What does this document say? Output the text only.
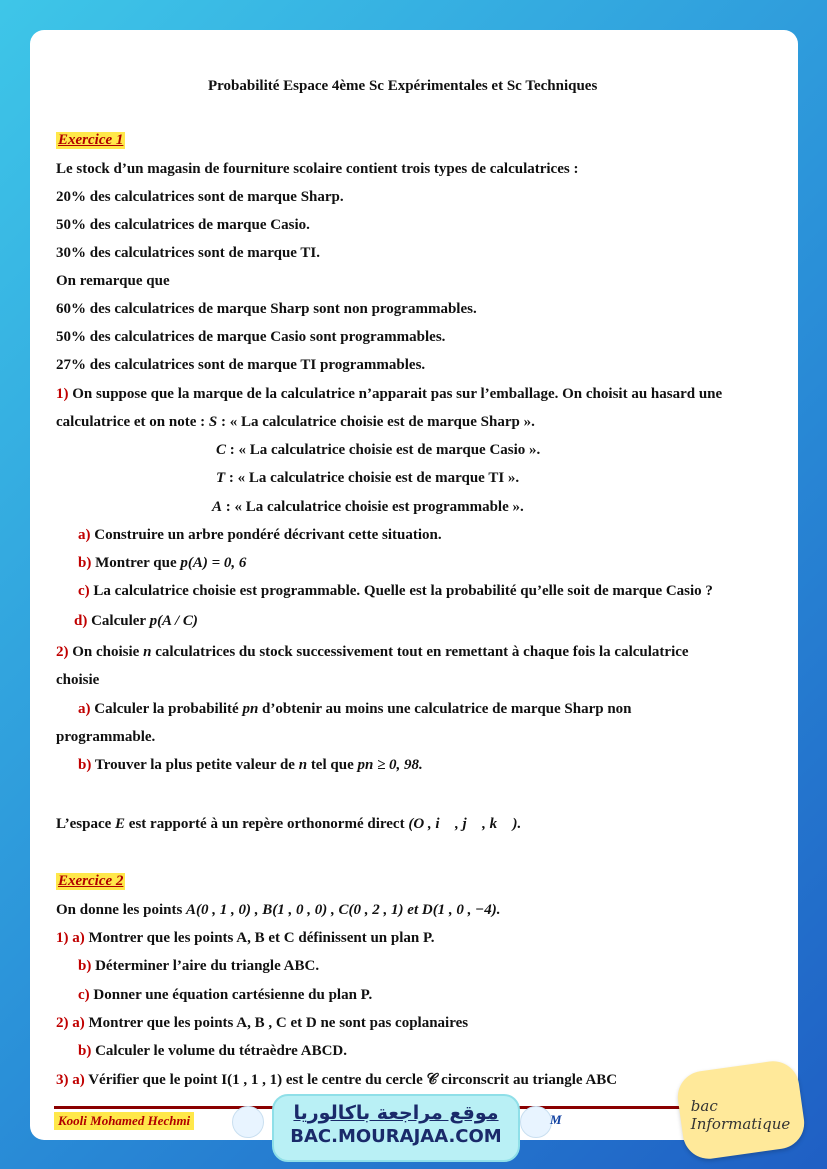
Probabilité Espace 4ème Sc Expérimentales et Sc Techniques
Exercice 1
Le stock d’un magasin de fourniture scolaire contient trois types de calculatrices :
20% des calculatrices sont de marque Sharp.
50% des calculatrices de marque Casio.
30% des calculatrices sont de marque TI.
On remarque que
60% des calculatrices de marque Sharp sont non programmables.
50% des calculatrices de marque Casio sont programmables.
27% des calculatrices sont de marque TI programmables.
1) On suppose que la marque de la calculatrice n’apparait pas sur l’emballage. On choisit au hasard une
calculatrice et on note : S : « La calculatrice choisie est de marque Sharp ».
C : « La calculatrice choisie est de marque Casio ».
T : « La calculatrice choisie est de marque TI ».
A : « La calculatrice choisie est programmable ».
a) Construire un arbre pondéré décrivant cette situation.
b) Montrer que p(A) = 0, 6
c) La calculatrice choisie est programmable. Quelle est la probabilité qu’elle soit de marque Casio ?
d) Calculer p(A / C)
2) On choisie n calculatrices du stock successivement tout en remettant à chaque fois la calculatrice
choisie
a) Calculer la probabilité pn d’obtenir au moins une calculatrice de marque Sharp non
programmable.
b) Trouver la plus petite valeur de n tel que pn ≥ 0, 98.
L’espace E est rapporté à un repère orthonormé direct (O , i⃗ , j⃗ , k⃗ ).
Exercice 2
On donne les points A(0 , 1 , 0) , B(1 , 0 , 0) , C(0 , 2 , 1) et D(1 , 0 , −4).
1) a) Montrer que les points A, B et C définissent un plan P.
b) Déterminer l’aire du triangle ABC.
c) Donner une équation cartésienne du plan P.
2) a) Montrer que les points A, B , C et D ne sont pas coplanaires
b) Calculer le volume du tétraèdre ABCD.
3) a) Vérifier que le point I(1 , 1 , 1) est le centre du cercle 𝒞 circonscrit au triangle ABC
Kooli Mohamed Hechmi	M
موقع مراجعة باكالوريا
BAC.MOURAJAA.COM
bac Informatique
